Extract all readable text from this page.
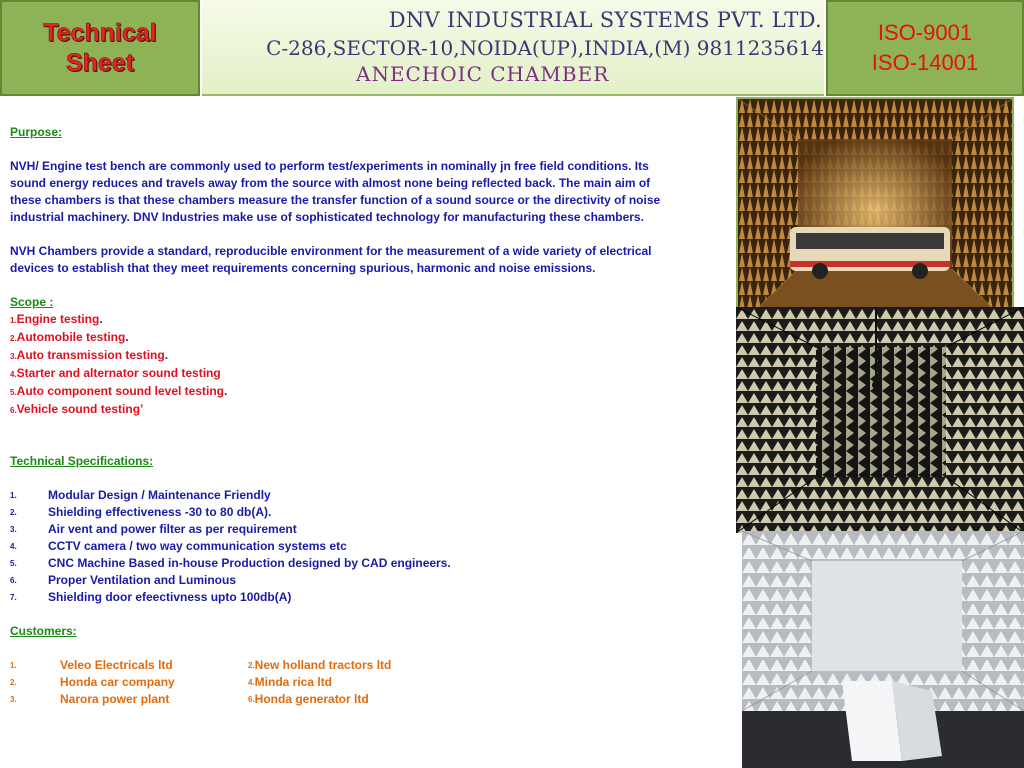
Technical
Sheet
DNV INDUSTRIAL SYSTEMS PVT. LTD.
C-286,SECTOR-10,NOIDA(UP),INDIA,(M) 9811235614
ANECHOIC CHAMBER
ISO-9001
ISO-14001

Purpose:

NVH/ Engine test bench are commonly used to perform test/experiments in nominally jn free field conditions. Its

sound energy reduces and travels away from the source with almost none being reflected back. The main aim of

these chambers is that these chambers measure the transfer function of a sound source or the directivity of noise

industrial machinery. DNV Industries make use of sophisticated technology for manufacturing these chambers.

NVH Chambers provide a standard, reproducible environment for the measurement of a wide variety of electrical

devices to establish that they meet requirements concerning spurious, harmonic and noise emissions.

Scope :

1.Engine testing.

2.Automobile testing.

3.Auto transmission testing.

4.Starter and alternator sound testing

5.Auto component sound level testing.

6.Vehicle sound testing’

Technical Specifications:

1.	Modular Design / Maintenance Friendly
2.	Shielding effectiveness -30 to 80 db(A).
3.	Air vent and power filter as per requirement
4.	CCTV camera / two way communication systems etc
5.	CNC Machine Based in-house Production designed by CAD engineers.
6.	Proper Ventilation and Luminous
7.	Shielding door efeectivness upto 100db(A)

Customers:

1.	Veleo Electricals ltd	2. New holland tractors ltd
2.	Honda car company	4. Minda rica ltd
3.	Narora power plant	6. Honda generator ltd
